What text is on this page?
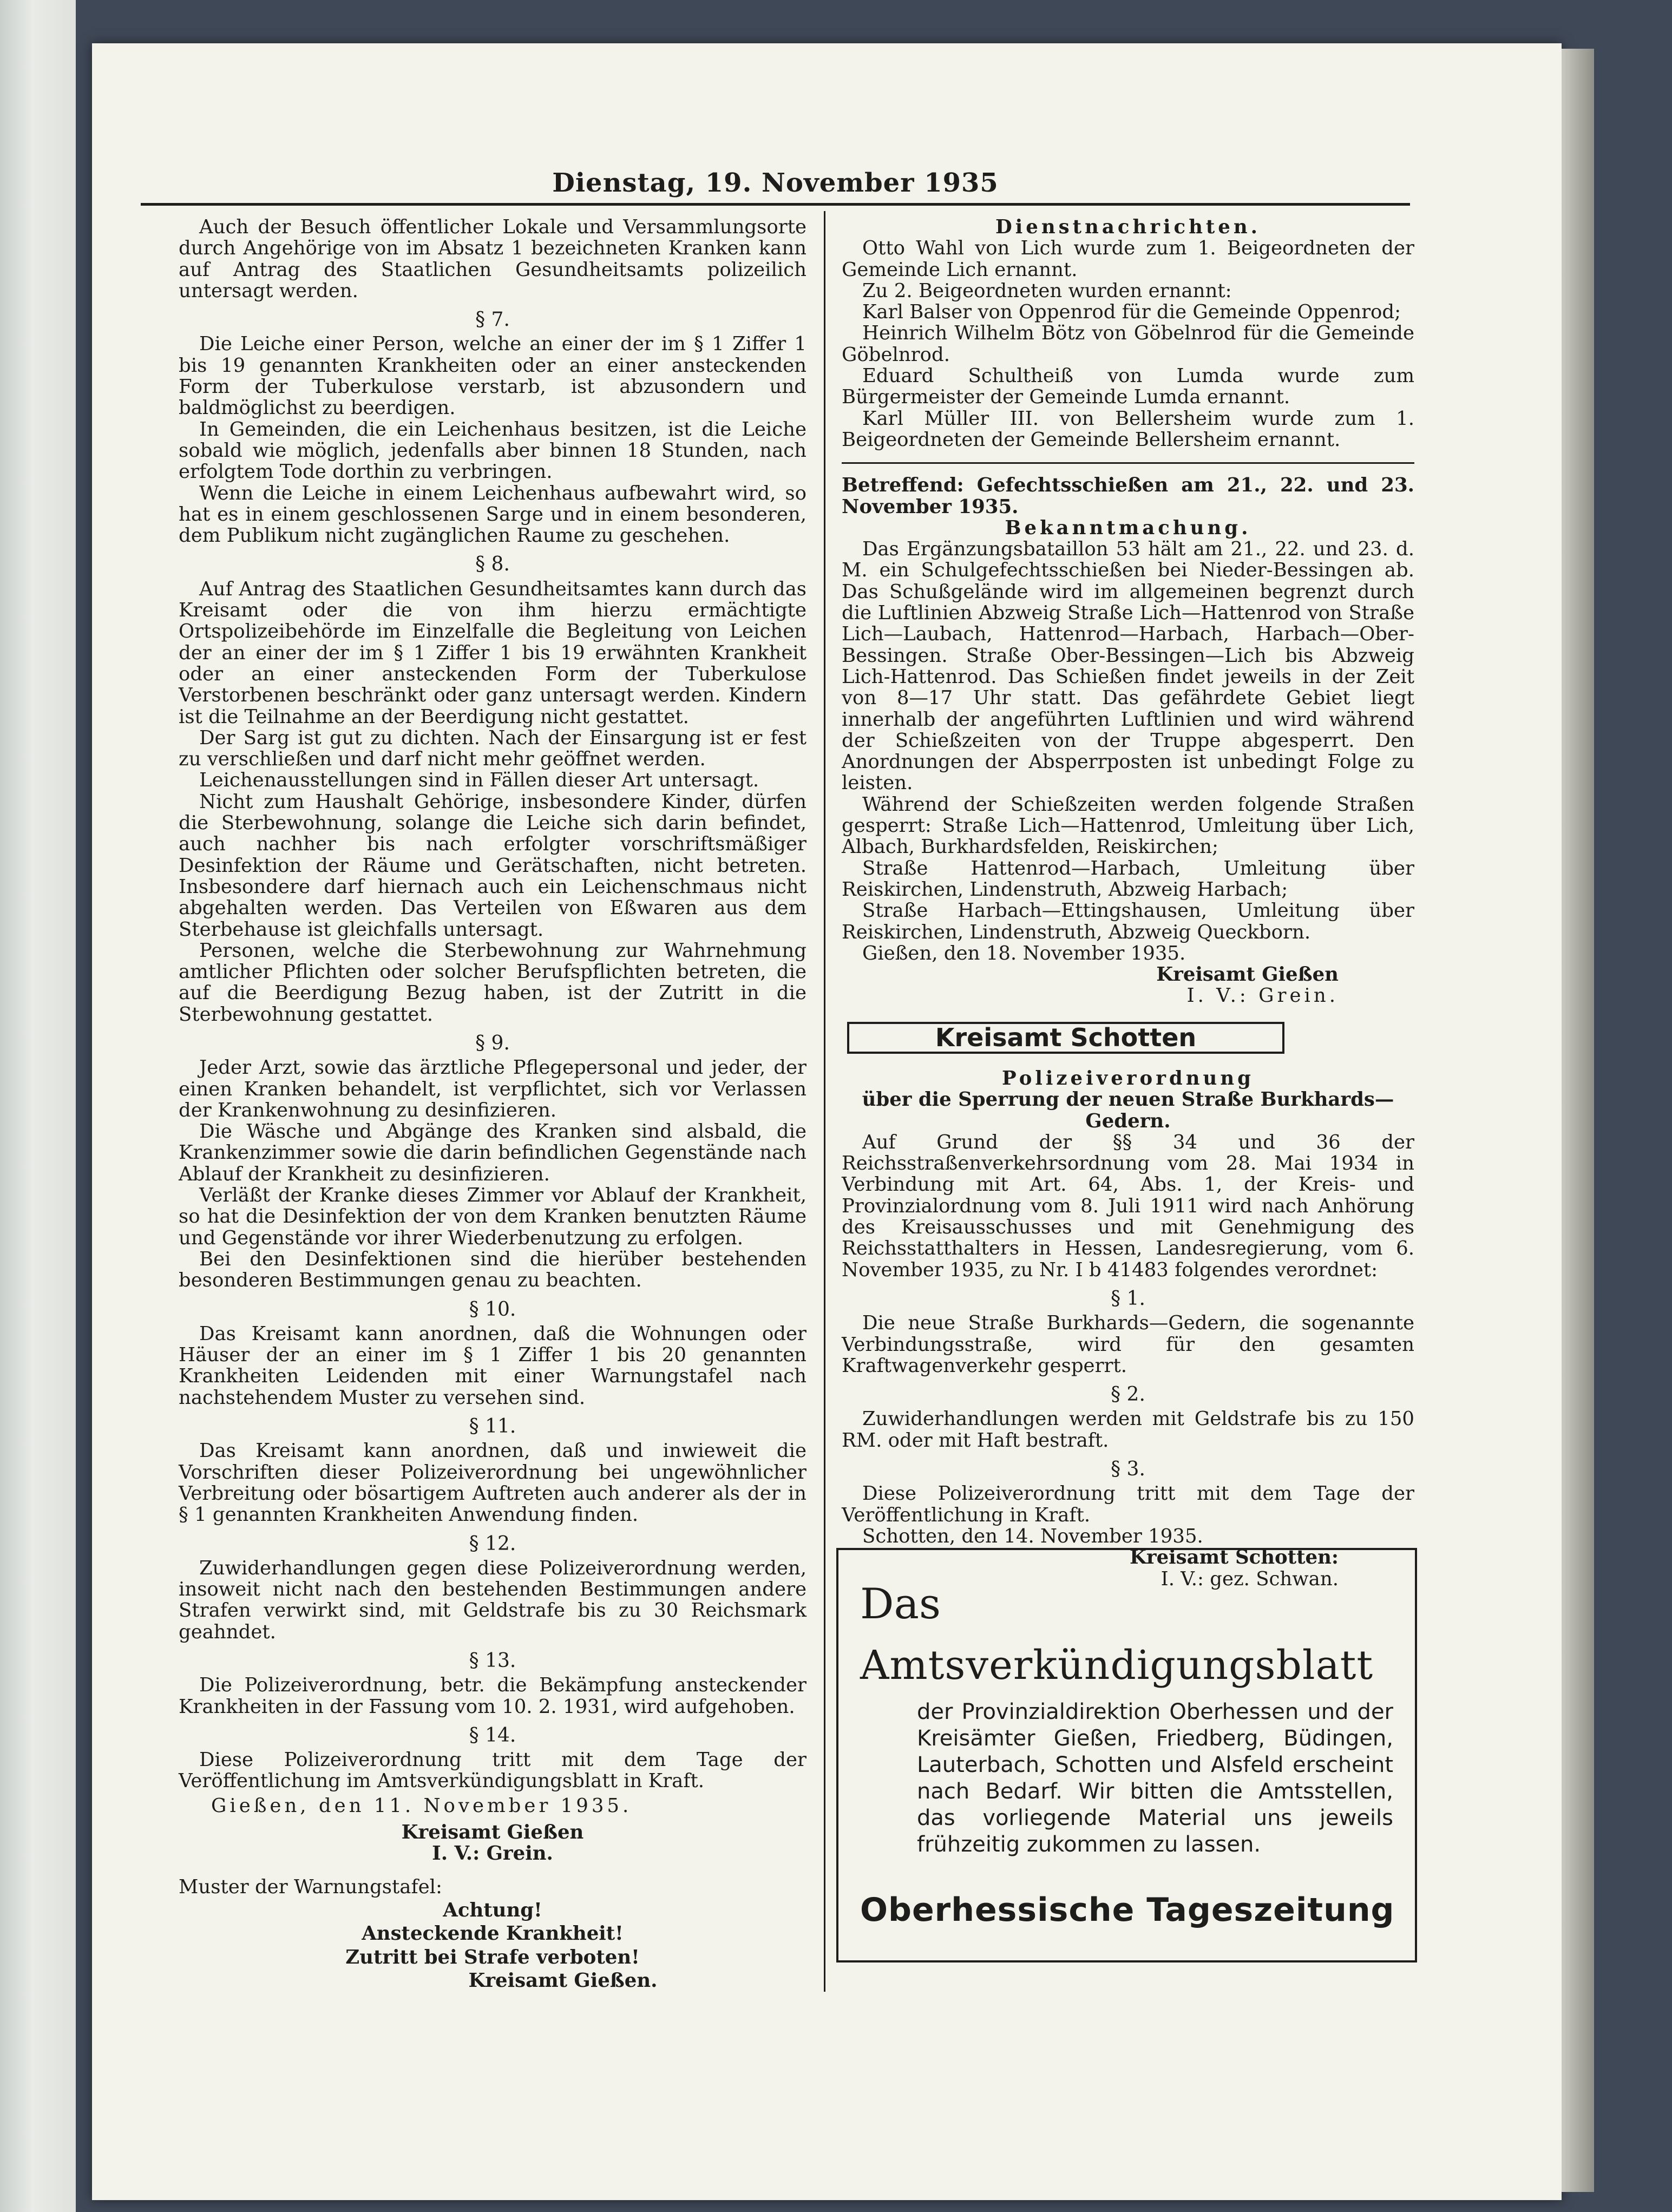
Dienstag, 19. November 1935

Auch der Besuch öffentlicher Lokale und Versammlungsorte durch Angehörige von im Absatz 1 bezeichneten Kranken kann auf Antrag des Staatlichen Gesundheitsamts polizeilich untersagt werden.

§ 7.

Die Leiche einer Person, welche an einer der im § 1 Ziffer 1 bis 19 genannten Krankheiten oder an einer ansteckenden Form der Tuberkulose verstarb, ist abzusondern und baldmöglichst zu beerdigen.

In Gemeinden, die ein Leichenhaus besitzen, ist die Leiche sobald wie möglich, jedenfalls aber binnen 18 Stunden, nach erfolgtem Tode dorthin zu verbringen.

Wenn die Leiche in einem Leichenhaus aufbewahrt wird, so hat es in einem geschlossenen Sarge und in einem besonderen, dem Publikum nicht zugänglichen Raume zu geschehen.

§ 8.

Auf Antrag des Staatlichen Gesundheitsamtes kann durch das Kreisamt oder die von ihm hierzu ermächtigte Ortspolizeibehörde im Einzelfalle die Begleitung von Leichen der an einer der im § 1 Ziffer 1 bis 19 erwähnten Krankheit oder an einer ansteckenden Form der Tuberkulose Verstorbenen beschränkt oder ganz untersagt werden. Kindern ist die Teilnahme an der Beerdigung nicht gestattet.

Der Sarg ist gut zu dichten. Nach der Einsargung ist er fest zu verschließen und darf nicht mehr geöffnet werden.

Leichenausstellungen sind in Fällen dieser Art untersagt.

Nicht zum Haushalt Gehörige, insbesondere Kinder, dürfen die Sterbewohnung, solange die Leiche sich darin befindet, auch nachher bis nach erfolgter vorschriftsmäßiger Desinfektion der Räume und Gerätschaften, nicht betreten. Insbesondere darf hiernach auch ein Leichenschmaus nicht abgehalten werden. Das Verteilen von Eßwaren aus dem Sterbehause ist gleichfalls untersagt.

Personen, welche die Sterbewohnung zur Wahrnehmung amtlicher Pflichten oder solcher Berufspflichten betreten, die auf die Beerdigung Bezug haben, ist der Zutritt in die Sterbewohnung gestattet.

§ 9.

Jeder Arzt, sowie das ärztliche Pflegepersonal und jeder, der einen Kranken behandelt, ist verpflichtet, sich vor Verlassen der Krankenwohnung zu desinfizieren.

Die Wäsche und Abgänge des Kranken sind alsbald, die Krankenzimmer sowie die darin befindlichen Gegenstände nach Ablauf der Krankheit zu desinfizieren.

Verläßt der Kranke dieses Zimmer vor Ablauf der Krankheit, so hat die Desinfektion der von dem Kranken benutzten Räume und Gegenstände vor ihrer Wiederbenutzung zu erfolgen.

Bei den Desinfektionen sind die hierüber bestehenden besonderen Bestimmungen genau zu beachten.

§ 10.

Das Kreisamt kann anordnen, daß die Wohnungen oder Häuser der an einer im § 1 Ziffer 1 bis 20 genannten Krankheiten Leidenden mit einer Warnungstafel nach nachstehendem Muster zu versehen sind.

§ 11.

Das Kreisamt kann anordnen, daß und inwieweit die Vorschriften dieser Polizeiverordnung bei ungewöhnlicher Verbreitung oder bösartigem Auftreten auch anderer als der in § 1 genannten Krankheiten Anwendung finden.

§ 12.

Zuwiderhandlungen gegen diese Polizeiverordnung werden, insoweit nicht nach den bestehenden Bestimmungen andere Strafen verwirkt sind, mit Geldstrafe bis zu 30 Reichsmark geahndet.

§ 13.

Die Polizeiverordnung, betr. die Bekämpfung ansteckender Krankheiten in der Fassung vom 10. 2. 1931, wird aufgehoben.

§ 14.

Diese Polizeiverordnung tritt mit dem Tage der Veröffentlichung im Amtsverkündigungsblatt in Kraft.

Gießen, den 11. November 1935.
Kreisamt Gießen
I. V.: Grein.
Muster der Warnungstafel:
Achtung!
Ansteckende Krankheit!
Zutritt bei Strafe verboten!
Kreisamt Gießen.
Dienstnachrichten.

Otto Wahl von Lich wurde zum 1. Beigeordneten der Gemeinde Lich ernannt.

Zu 2. Beigeordneten wurden ernannt:

Karl Balser von Oppenrod für die Gemeinde Oppenrod;

Heinrich Wilhelm Bötz von Göbelnrod für die Gemeinde Göbelnrod.

Eduard Schultheiß von Lumda wurde zum Bürgermeister der Gemeinde Lumda ernannt.

Karl Müller III. von Bellersheim wurde zum 1. Beigeordneten der Gemeinde Bellersheim ernannt.

Betreffend: Gefechtsschießen am 21., 22. und 23. November 1935.

Bekanntmachung.

Das Ergänzungsbataillon 53 hält am 21., 22. und 23. d. M. ein Schulgefechtsschießen bei Nieder-Bessingen ab. Das Schußgelände wird im allgemeinen begrenzt durch die Luftlinien Abzweig Straße Lich—Hattenrod von Straße Lich—Laubach, Hattenrod—Harbach, Harbach—Ober-Bessingen. Straße Ober-Bessingen—Lich bis Abzweig Lich-Hattenrod. Das Schießen findet jeweils in der Zeit von 8—17 Uhr statt. Das gefährdete Gebiet liegt innerhalb der angeführten Luftlinien und wird während der Schießzeiten von der Truppe abgesperrt. Den Anordnungen der Absperrposten ist unbedingt Folge zu leisten.

Während der Schießzeiten werden folgende Straßen gesperrt: Straße Lich—Hattenrod, Umleitung über Lich, Albach, Burkhardsfelden, Reiskirchen;

Straße Hattenrod—Harbach, Umleitung über Reiskirchen, Lindenstruth, Abzweig Harbach;

Straße Harbach—Ettingshausen, Umleitung über Reiskirchen, Lindenstruth, Abzweig Queckborn.

Gießen, den 18. November 1935.

Kreisamt Gießen
I. V.: Grein.
Kreisamt Schotten
Polizeiverordnung
über die Sperrung der neuen Straße Burkhards—Gedern.

Auf Grund der §§ 34 und 36 der Reichsstraßenverkehrsordnung vom 28. Mai 1934 in Verbindung mit Art. 64, Abs. 1, der Kreis- und Provinzialordnung vom 8. Juli 1911 wird nach Anhörung des Kreisausschusses und mit Genehmigung des Reichsstatthalters in Hessen, Landesregierung, vom 6. November 1935, zu Nr. I b 41483 folgendes verordnet:

§ 1.

Die neue Straße Burkhards—Gedern, die sogenannte Verbindungsstraße, wird für den gesamten Kraftwagenverkehr gesperrt.

§ 2.

Zuwiderhandlungen werden mit Geldstrafe bis zu 150 RM. oder mit Haft bestraft.

§ 3.

Diese Polizeiverordnung tritt mit dem Tage der Veröffentlichung in Kraft.

Schotten, den 14. November 1935.

Kreisamt Schotten:
I. V.: gez. Schwan.
Das
Amtsverkündigungsblatt
der Provinzialdirektion Oberhessen und der Kreisämter Gießen, Friedberg, Büdingen, Lauterbach, Schotten und Alsfeld erscheint nach Bedarf. Wir bitten die Amtsstellen, das vorliegende Material uns jeweils frühzeitig zukommen zu lassen.
Oberhessische Tageszeitung
